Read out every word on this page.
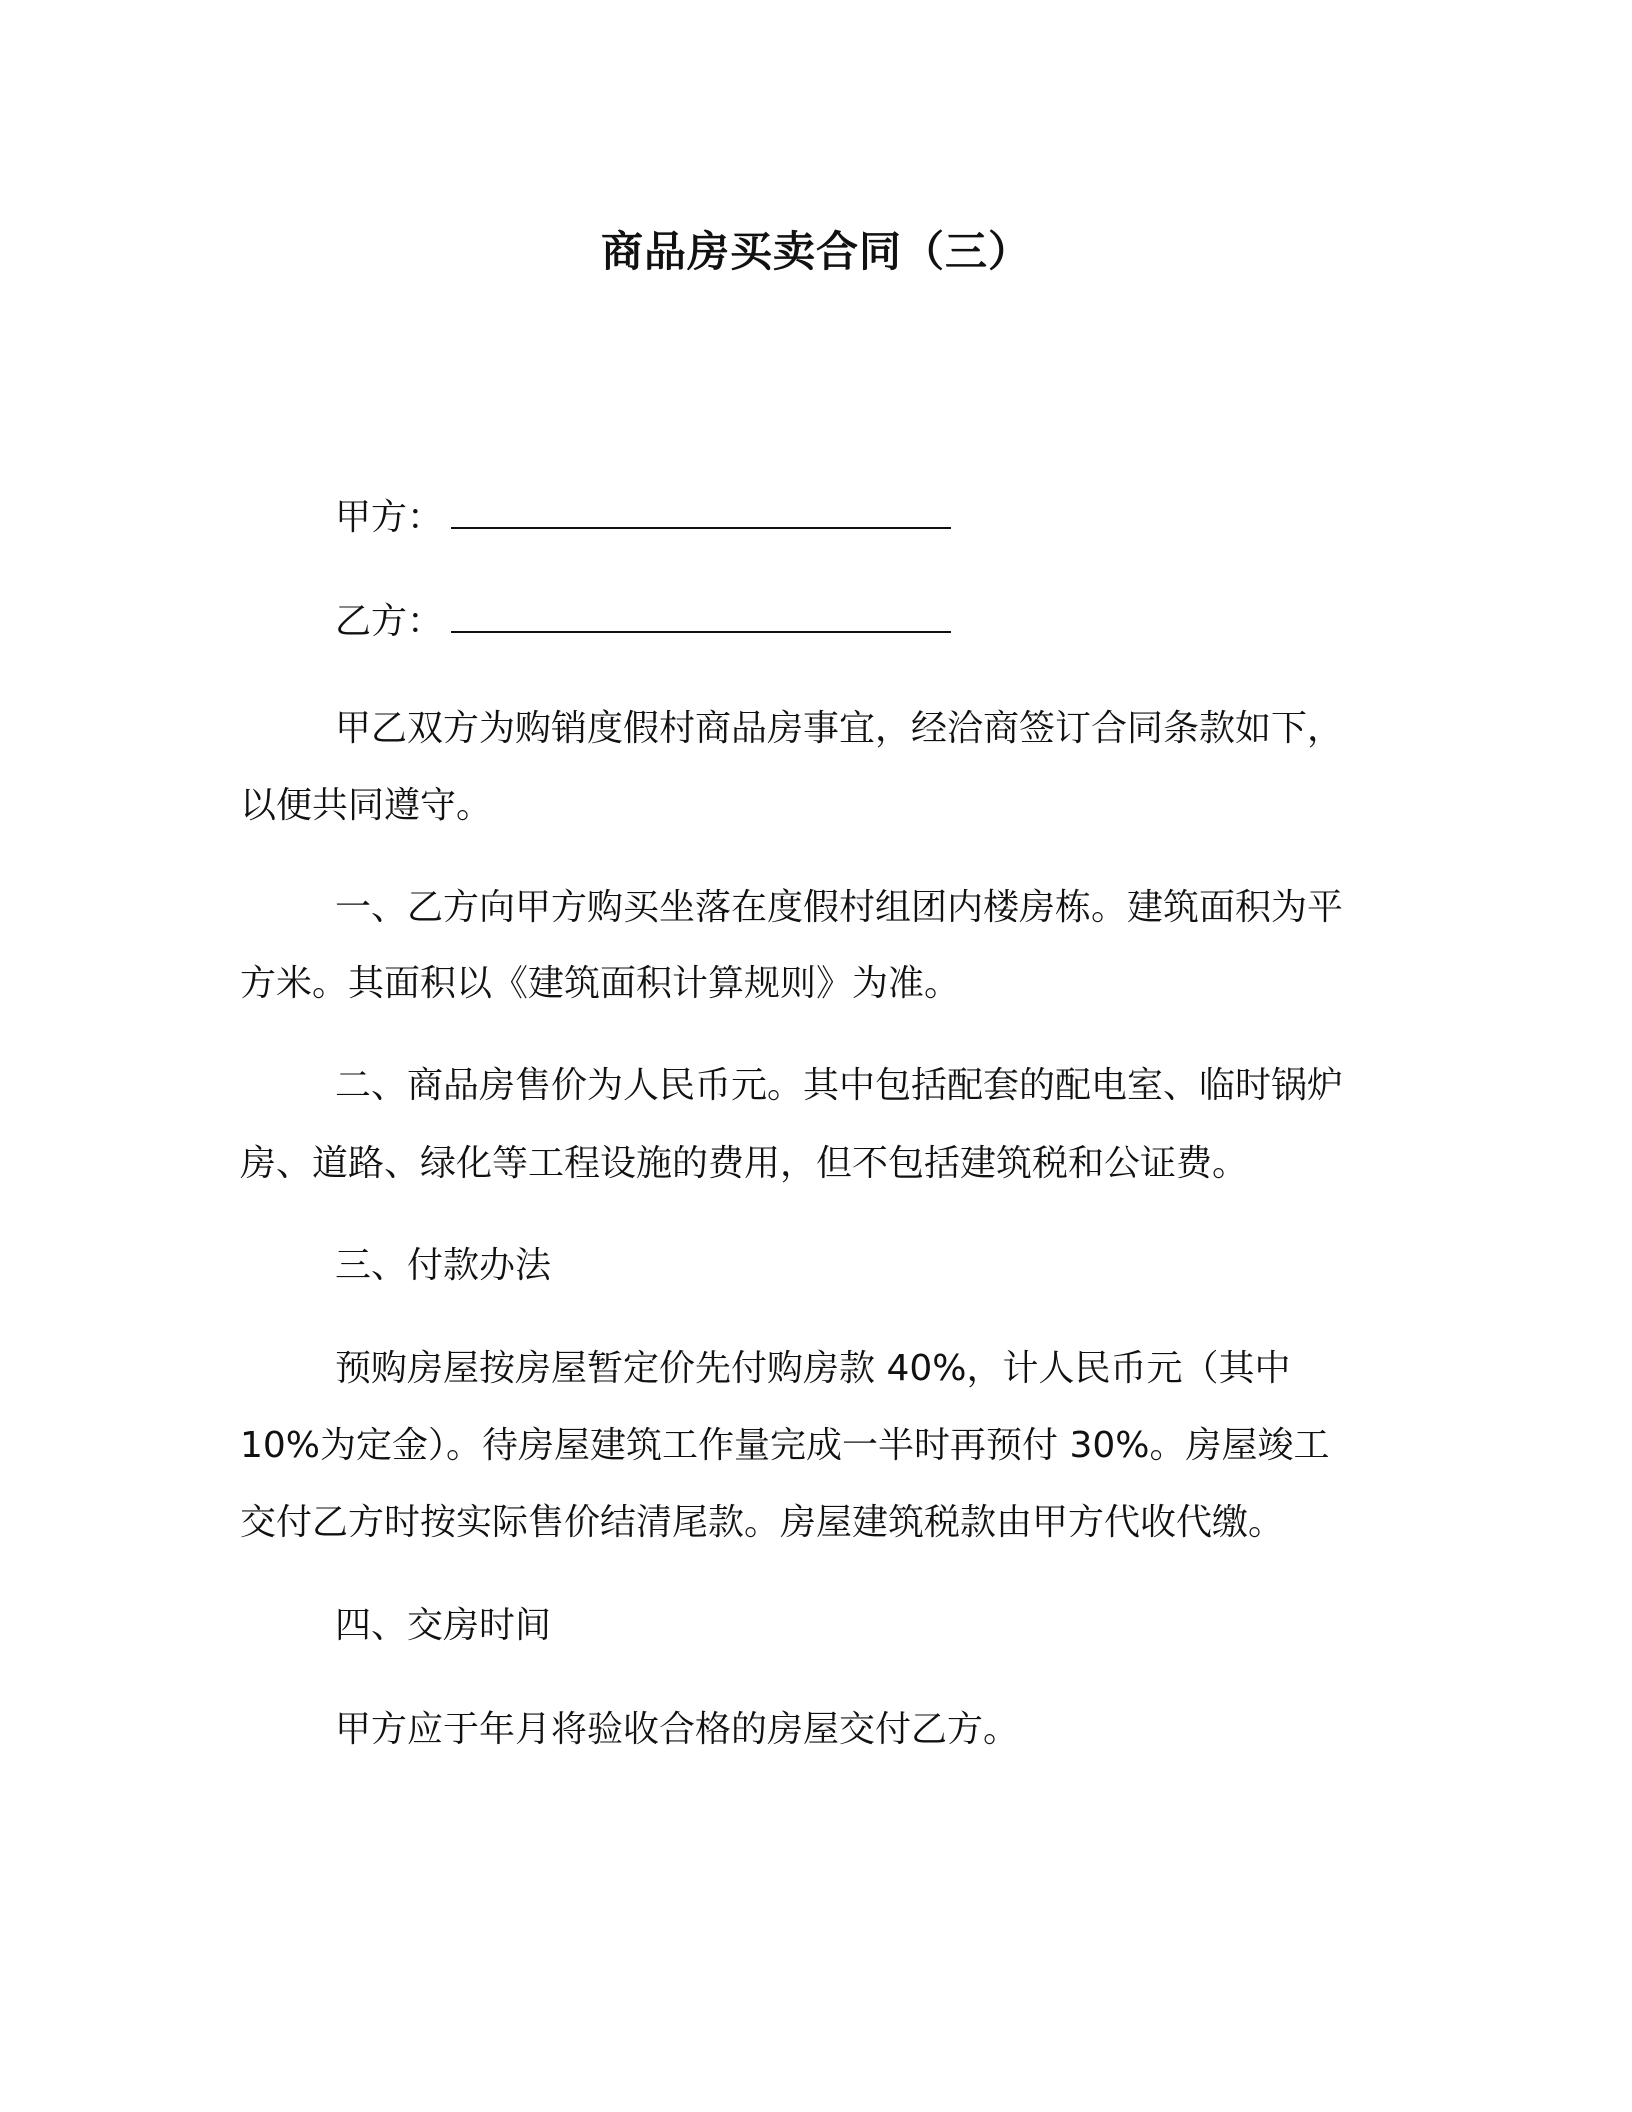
商品房买卖合同（三）

甲方：

乙方：

甲乙双方为购销度假村商品房事宜，经洽商签订合同条款如下，

以便共同遵守。

一、乙方向甲方购买坐落在度假村组团内楼房栋。建筑面积为平

方米。其面积以《建筑面积计算规则》为准。

二、商品房售价为人民币元。其中包括配套的配电室、临时锅炉

房、道路、绿化等工程设施的费用，但不包括建筑税和公证费。

三、付款办法

预购房屋按房屋暂定价先付购房款 40%，计人民币元（其中

10%为定金）。待房屋建筑工作量完成一半时再预付 30%。房屋竣工

交付乙方时按实际售价结清尾款。房屋建筑税款由甲方代收代缴。

四、交房时间

甲方应于年月将验收合格的房屋交付乙方。
